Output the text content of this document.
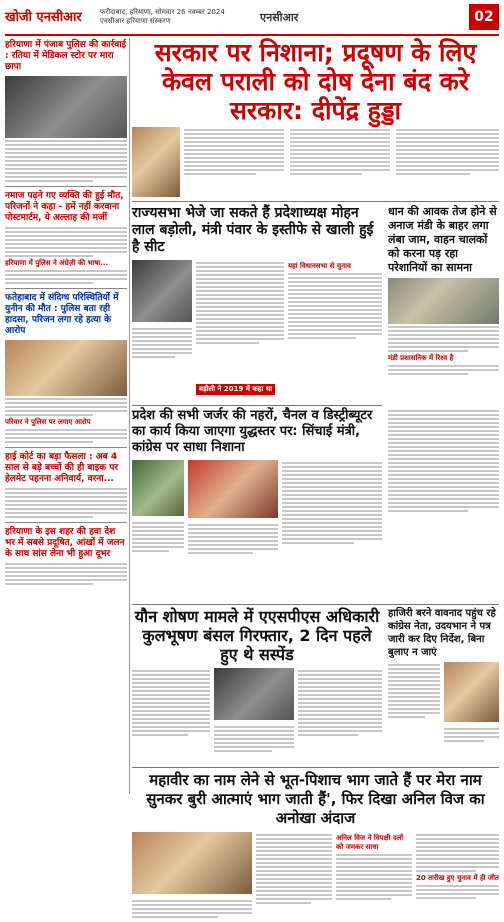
खोजी एनसीआर	फरीदाबाद, हरियाणा, सोमवार 26 नवम्बर 2024
एनसीआर हरियाणा संस्करण	एनसीआर	02
हरियाणा में पंजाब पुलिस की कार्रवाई : रतिया में मेडिकल स्टोर पर मारा छापा
नमाज पढ़ने गए व्यक्ति की हुई मौत, परिजनों ने कहा - हमें नहीं करवाना पोस्टमार्टम, ये अल्लाह की मर्जी
हरियाणा में पुलिस ने अंग्रेज़ी की भाषा...
फतेहाबाद में संदिग्ध परिस्थितियों में युनीन की मौत : पुलिस बता रही हादसा, परिजन लगा रहे हत्या के आरोप
परिवार ने पुलिस पर लगाए आरोप
हाई कोर्ट का बड़ा फैसला : अब 4 साल से बड़े बच्चों की ही बाइक पर हेलमेट पहनना अनिवार्य, वरना...
हरियाणा के इस शहर की हवा देश भर में सबसे प्रदूषित, आंखों में जलन के साथ सांस लेना भी हुआ दूभर
सरकार पर निशाना; प्रदूषण के लिए केवल पराली को दोष देना बंद करे सरकार: दीपेंद्र हुड्डा
राज्यसभा भेजे जा सकते हैं प्रदेशाध्यक्ष मोहन लाल बड़ोली, मंत्री पंवार के इस्तीफे से खाली हुई है सीट
यहां विधानसभा से चुनाव
बड़ौली ने 2019 में कहा था
धान की आवक तेज होने से अनाज मंडी के बाहर लगा लंबा जाम, वाहन चालकों को करना पड़ रहा परेशानियों का सामना
मंडी प्रशासनिक में रिश्व है
प्रदेश की सभी जर्जर की नहरों, चैनल व डिस्ट्रीब्यूटर का कार्य किया जाएगा युद्धस्तर पर: सिंचाई मंत्री, कांग्रेस पर साधा निशाना
यौन शोषण मामले में एएसपीएस अधिकारी कुलभूषण बंसल गिरफ्तार, 2 दिन पहले हुए थे सस्पेंड
हाजिरी बरने वावनाद पहुंच रहे कांग्रेस नेता, उदयभान ने पत्र जारी कर दिए निर्देश, बिना बुलाए न जाएं
महावीर का नाम लेने से भूत-पिशाच भाग जाते हैं पर मेरा नाम सुनकर बुरी आत्माएं भाग जाती हैं', फिर दिखा अनिल विज का अनोखा अंदाज
अनिल विज ने विपक्षी दलों को जमकर साधा
20 तारीख हुए चुनाव में ही जीत
